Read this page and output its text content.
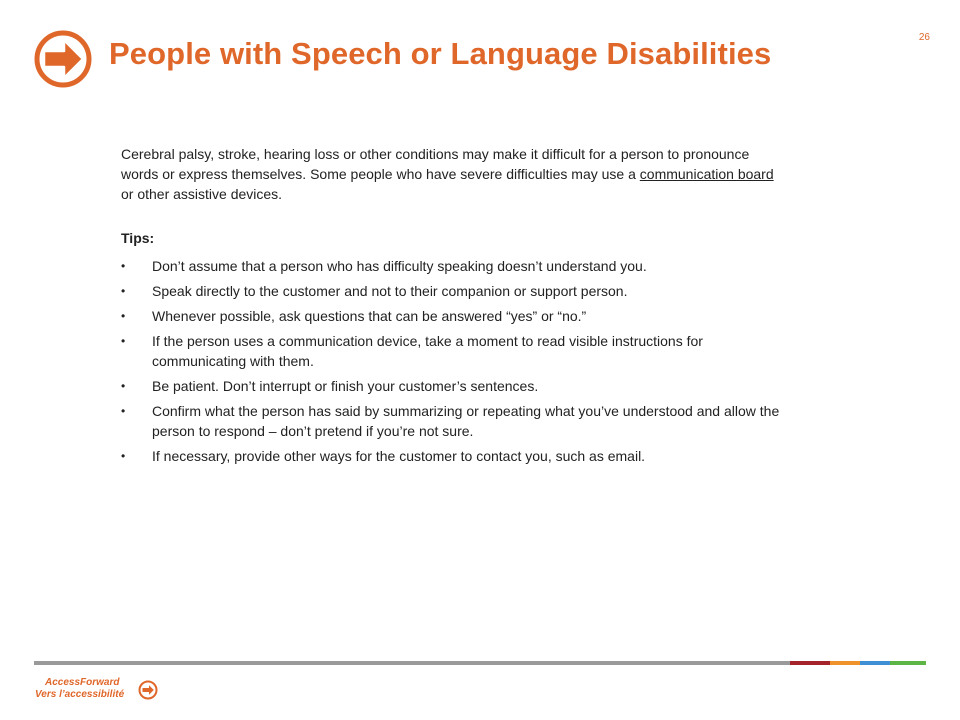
People with Speech or Language Disabilities	26

Cerebral palsy, stroke, hearing loss or other conditions may make it difficult for a person to pronounce words or express themselves. Some people who have severe difficulties may use a communication board or other assistive devices.

Tips:
• Don’t assume that a person who has difficulty speaking doesn’t understand you.
• Speak directly to the customer and not to their companion or support person.
• Whenever possible, ask questions that can be answered “yes” or “no.”
• If the person uses a communication device, take a moment to read visible instructions for communicating with them.
• Be patient. Don’t interrupt or finish your customer’s sentences.
• Confirm what the person has said by summarizing or repeating what you’ve understood and allow the person to respond – don’t pretend if you’re not sure.
• If necessary, provide other ways for the customer to contact you, such as email.
AccessForward
Vers l’accessibilité
